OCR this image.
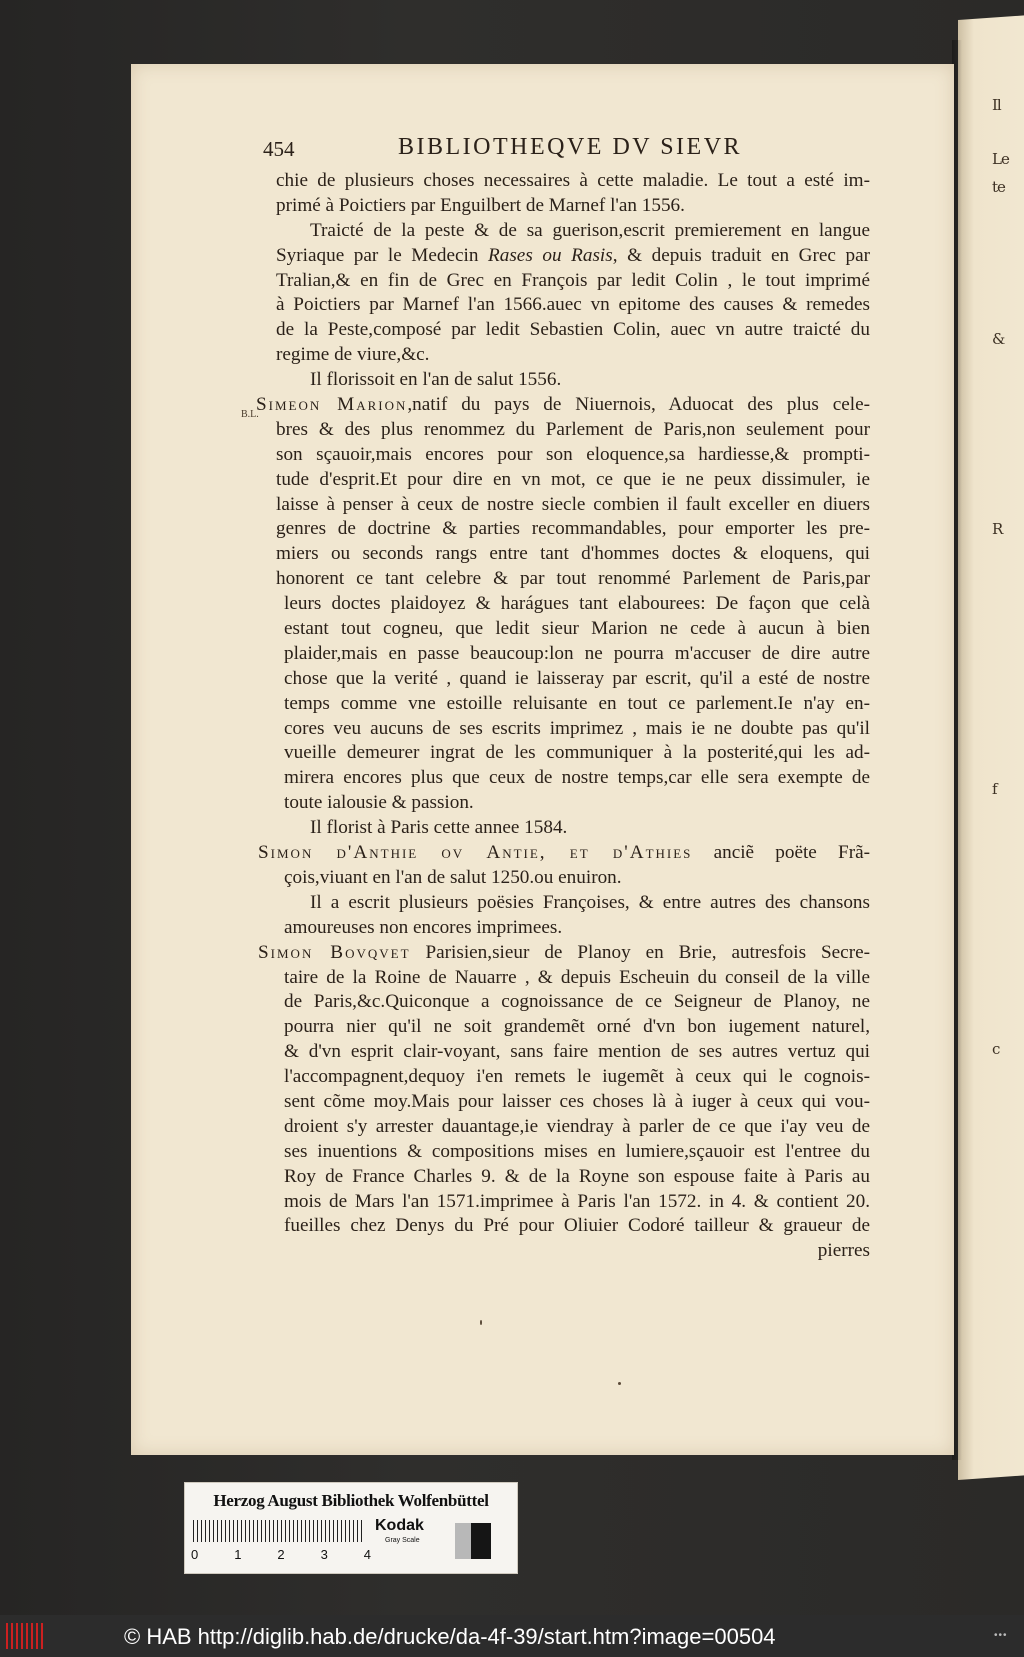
Il
Le
te
&
R
f
c
454	BIBLIOTHEQVE DV SIEVR
B.L.
chie de plusieurs choses necessaires à cette maladie. Le tout a esté im-
primé à Poictiers par Enguilbert de Marnef l'an 1556.
Traicté de la peste & de sa guerison,escrit premierement en langue
Syriaque par le Medecin Rases ou Rasis, & depuis traduit en Grec par
Tralian,& en fin de Grec en François par ledit Colin , le tout imprimé
à Poictiers par Marnef l'an 1566.auec vn epitome des causes & remedes
de la Peste,composé par ledit Sebastien Colin, auec vn autre traicté du
regime de viure,&c.
Il florissoit en l'an de salut 1556.
Simeon Marion,natif du pays de Niuernois, Aduocat des plus cele-
bres & des plus renommez du Parlement de Paris,non seulement pour
son sçauoir,mais encores pour son eloquence,sa hardiesse,& prompti-
tude d'esprit.Et pour dire en vn mot, ce que ie ne peux dissimuler, ie
laisse à penser à ceux de nostre siecle combien il fault exceller en diuers
genres de doctrine & parties recommandables, pour emporter les pre-
miers ou seconds rangs entre tant d'hommes doctes & eloquens, qui
honorent ce tant celebre & par tout renommé Parlement de Paris,par
leurs doctes plaidoyez & harágues tant elabourees: De façon que celà
estant tout cogneu, que ledit sieur Marion ne cede à aucun à bien
plaider,mais en passe beaucoup:lon ne pourra m'accuser de dire autre
chose que la verité , quand ie laisseray par escrit, qu'il a esté de nostre
temps comme vne estoille reluisante en tout ce parlement.Ie n'ay en-
cores veu aucuns de ses escrits imprimez , mais ie ne doubte pas qu'il
vueille demeurer ingrat de les communiquer à la posterité,qui les ad-
mirera encores plus que ceux de nostre temps,car elle sera exempte de
toute ialousie & passion.
Il florist à Paris cette annee 1584.
Simon d'Anthie ov Antie, et d'Athies anciẽ poëte Frã-
çois,viuant en l'an de salut 1250.ou enuiron.
Il a escrit plusieurs poësies Françoises, & entre autres des chansons
amoureuses non encores imprimees.
Simon Bovqvet Parisien,sieur de Planoy en Brie, autresfois Secre-
taire de la Roine de Nauarre , & depuis Escheuin du conseil de la ville
de Paris,&c.Quiconque a cognoissance de ce Seigneur de Planoy, ne
pourra nier qu'il ne soit grandemẽt orné d'vn bon iugement naturel,
& d'vn esprit clair-voyant, sans faire mention de ses autres vertuz qui
l'accompagnent,dequoy i'en remets le iugemẽt à ceux qui le cognois-
sent cõme moy.Mais pour laisser ces choses là à iuger à ceux qui vou-
droient s'y arrester dauantage,ie viendray à parler de ce que i'ay veu de
ses inuentions & compositions mises en lumiere,sçauoir est l'entree du
Roy de France Charles 9. & de la Royne son espouse faite à Paris au
mois de Mars l'an 1571.imprimee à Paris l'an 1572. in 4. & contient 20.
fueilles chez Denys du Pré pour Oliuier Codoré tailleur & graueur de
pierres
Herzog August Bibliothek Wolfenbüttel
0	1	2	3	4
Kodak
Gray Scale
© HAB http://diglib.hab.de/drucke/da-4f-39/start.htm?image=00504	•••
